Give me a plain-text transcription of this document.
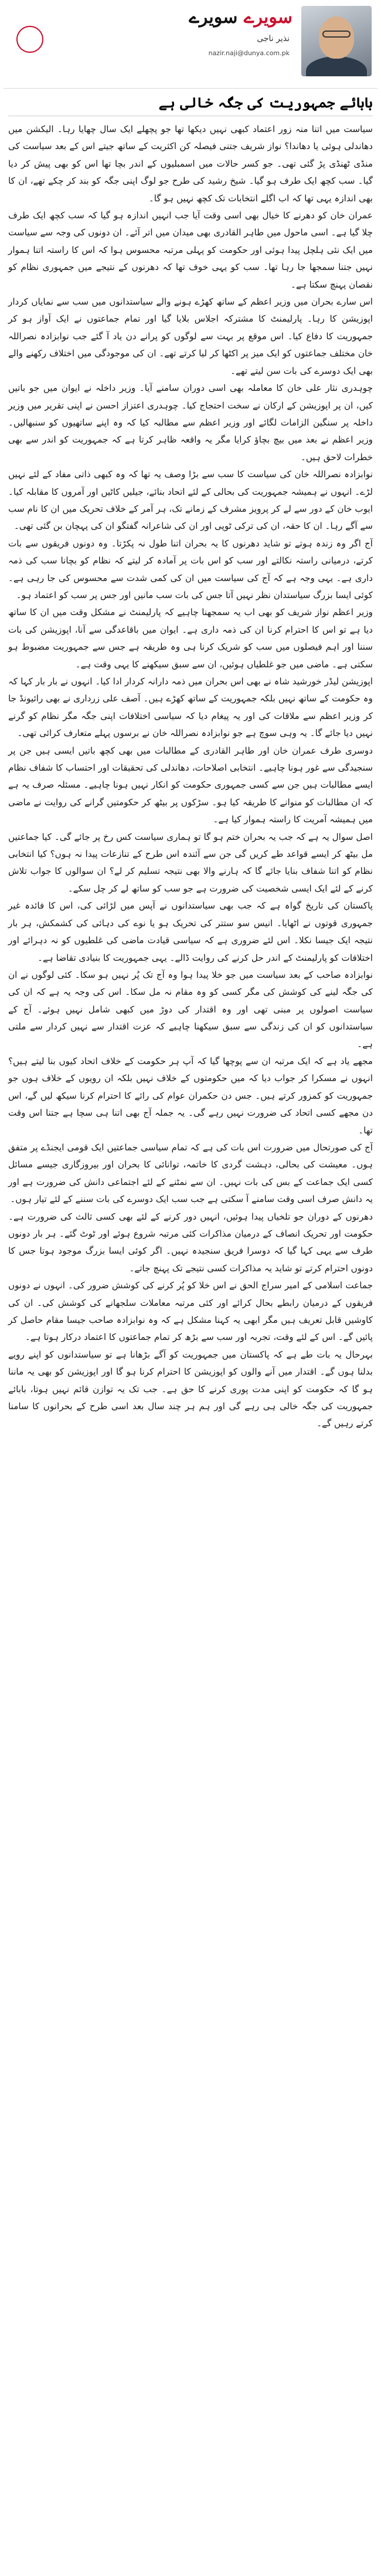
سویرے سویرے
نذیر ناجی
nazir.naji@dunya.com.pk
بابائے جمہوریت کی جگہ خالی ہے

سیاست میں اتنا منہ زور اعتماد کبھی نہیں دیکھا تھا جو پچھلے ایک سال چھایا رہا۔ الیکشن میں دھاندلی ہوئی یا دھاندا؟ نواز شریف جتنی فیصلہ کن اکثریت کے ساتھ جیتے اس کے بعد سیاست کی منڈی ٹھنڈی پڑ گئی تھی۔ جو کسر حالات میں اسمبلیوں کے اندر بچا تھا اس کو بھی پیش کر دیا گیا۔ سب کچھ ایک طرف ہو گیا۔ شیخ رشید کی طرح جو لوگ اپنی جگہ کو بند کر چکے تھے، ان کا بھی اندازہ یہی تھا کہ اب اگلے انتخابات تک کچھ نہیں ہو گا۔

عمران خان کو دھرنے کا خیال بھی اسی وقت آیا جب انہیں اندازہ ہو گیا کہ سب کچھ ایک طرف چلا گیا ہے۔ اسی ماحول میں طاہر القادری بھی میدان میں اتر آئے۔ ان دونوں کی وجہ سے سیاست میں ایک نئی ہلچل پیدا ہوئی اور حکومت کو پہلی مرتبہ محسوس ہوا کہ اس کا راستہ اتنا ہموار نہیں جتنا سمجھا جا رہا تھا۔ سب کو یہی خوف تھا کہ دھرنوں کے نتیجے میں جمہوری نظام کو نقصان پہنچ سکتا ہے۔

اس سارے بحران میں وزیر اعظم کے ساتھ کھڑے ہونے والے سیاستدانوں میں سب سے نمایاں کردار اپوزیشن کا رہا۔ پارلیمنٹ کا مشترکہ اجلاس بلایا گیا اور تمام جماعتوں نے ایک آواز ہو کر جمہوریت کا دفاع کیا۔ اس موقع پر بہت سے لوگوں کو پرانے دن یاد آ گئے جب نوابزادہ نصراللہ خان مختلف جماعتوں کو ایک میز پر اکٹھا کر لیا کرتے تھے۔ ان کی موجودگی میں اختلاف رکھنے والے بھی ایک دوسرے کی بات سن لیتے تھے۔

چوہدری نثار علی خان کا معاملہ بھی اسی دوران سامنے آیا۔ وزیر داخلہ نے ایوان میں جو باتیں کیں، ان پر اپوزیشن کے ارکان نے سخت احتجاج کیا۔ چوہدری اعتزاز احسن نے اپنی تقریر میں وزیر داخلہ پر سنگین الزامات لگائے اور وزیر اعظم سے مطالبہ کیا کہ وہ اپنے ساتھیوں کو سنبھالیں۔ وزیر اعظم نے بعد میں بیچ بچاؤ کرایا مگر یہ واقعہ ظاہر کرتا ہے کہ جمہوریت کو اندر سے بھی خطرات لاحق ہیں۔

نوابزادہ نصراللہ خان کی سیاست کا سب سے بڑا وصف یہ تھا کہ وہ کبھی ذاتی مفاد کے لئے نہیں لڑے۔ انہوں نے ہمیشہ جمہوریت کی بحالی کے لئے اتحاد بنائے، جیلیں کاٹیں اور آمروں کا مقابلہ کیا۔ ایوب خان کے دور سے لے کر پرویز مشرف کے زمانے تک، ہر آمر کے خلاف تحریک میں ان کا نام سب سے آگے رہا۔ ان کا حقہ، ان کی ترکی ٹوپی اور ان کی شاعرانہ گفتگو ان کی پہچان بن گئی تھی۔

آج اگر وہ زندہ ہوتے تو شاید دھرنوں کا یہ بحران اتنا طول نہ پکڑتا۔ وہ دونوں فریقوں سے بات کرتے، درمیانی راستہ نکالتے اور سب کو اس بات پر آمادہ کر لیتے کہ نظام کو بچانا سب کی ذمہ داری ہے۔ یہی وجہ ہے کہ آج کی سیاست میں ان کی کمی شدت سے محسوس کی جا رہی ہے۔ کوئی ایسا بزرگ سیاستدان نظر نہیں آتا جس کی بات سب مانیں اور جس پر سب کو اعتماد ہو۔

وزیر اعظم نواز شریف کو بھی اب یہ سمجھنا چاہیے کہ پارلیمنٹ نے مشکل وقت میں ان کا ساتھ دیا ہے تو اس کا احترام کرنا ان کی ذمہ داری ہے۔ ایوان میں باقاعدگی سے آنا، اپوزیشن کی بات سننا اور اہم فیصلوں میں سب کو شریک کرنا ہی وہ طریقہ ہے جس سے جمہوریت مضبوط ہو سکتی ہے۔ ماضی میں جو غلطیاں ہوئیں، ان سے سبق سیکھنے کا یہی وقت ہے۔

اپوزیشن لیڈر خورشید شاہ نے بھی اس بحران میں ذمہ دارانہ کردار ادا کیا۔ انہوں نے بار بار کہا کہ وہ حکومت کے ساتھ نہیں بلکہ جمہوریت کے ساتھ کھڑے ہیں۔ آصف علی زرداری نے بھی رائیونڈ جا کر وزیر اعظم سے ملاقات کی اور یہ پیغام دیا کہ سیاسی اختلافات اپنی جگہ مگر نظام کو گرنے نہیں دیا جائے گا۔ یہ وہی سوچ ہے جو نوابزادہ نصراللہ خان نے برسوں پہلے متعارف کرائی تھی۔

دوسری طرف عمران خان اور طاہر القادری کے مطالبات میں بھی کچھ باتیں ایسی ہیں جن پر سنجیدگی سے غور ہونا چاہیے۔ انتخابی اصلاحات، دھاندلی کی تحقیقات اور احتساب کا شفاف نظام ایسے مطالبات ہیں جن سے کسی جمہوری حکومت کو انکار نہیں ہونا چاہیے۔ مسئلہ صرف یہ ہے کہ ان مطالبات کو منوانے کا طریقہ کیا ہو۔ سڑکوں پر بیٹھ کر حکومتیں گرانے کی روایت نے ماضی میں ہمیشہ آمریت کا راستہ ہموار کیا ہے۔

اصل سوال یہ ہے کہ جب یہ بحران ختم ہو گا تو ہماری سیاست کس رخ پر جائے گی۔ کیا جماعتیں مل بیٹھ کر ایسے قواعد طے کریں گی جن سے آئندہ اس طرح کے تنازعات پیدا نہ ہوں؟ کیا انتخابی نظام کو اتنا شفاف بنایا جائے گا کہ ہارنے والا بھی نتیجہ تسلیم کر لے؟ ان سوالوں کا جواب تلاش کرنے کے لئے ایک ایسی شخصیت کی ضرورت ہے جو سب کو ساتھ لے کر چل سکے۔

پاکستان کی تاریخ گواہ ہے کہ جب بھی سیاستدانوں نے آپس میں لڑائی کی، اس کا فائدہ غیر جمہوری قوتوں نے اٹھایا۔ انیس سو ستتر کی تحریک ہو یا نوے کی دہائی کی کشمکش، ہر بار نتیجہ ایک جیسا نکلا۔ اس لئے ضروری ہے کہ سیاسی قیادت ماضی کی غلطیوں کو نہ دہرائے اور اختلافات کو پارلیمنٹ کے اندر حل کرنے کی روایت ڈالے۔ یہی جمہوریت کا بنیادی تقاضا ہے۔

نوابزادہ صاحب کے بعد سیاست میں جو خلا پیدا ہوا وہ آج تک پُر نہیں ہو سکا۔ کئی لوگوں نے ان کی جگہ لینے کی کوشش کی مگر کسی کو وہ مقام نہ مل سکا۔ اس کی وجہ یہ ہے کہ ان کی سیاست اصولوں پر مبنی تھی اور وہ اقتدار کی دوڑ میں کبھی شامل نہیں ہوئے۔ آج کے سیاستدانوں کو ان کی زندگی سے سبق سیکھنا چاہیے کہ عزت اقتدار سے نہیں کردار سے ملتی ہے۔

مجھے یاد ہے کہ ایک مرتبہ ان سے پوچھا گیا کہ آپ ہر حکومت کے خلاف اتحاد کیوں بنا لیتے ہیں؟ انہوں نے مسکرا کر جواب دیا کہ میں حکومتوں کے خلاف نہیں بلکہ ان رویوں کے خلاف ہوں جو جمہوریت کو کمزور کرتے ہیں۔ جس دن حکمران عوام کی رائے کا احترام کرنا سیکھ لیں گے، اس دن مجھے کسی اتحاد کی ضرورت نہیں رہے گی۔ یہ جملہ آج بھی اتنا ہی سچا ہے جتنا اس وقت تھا۔

آج کی صورتحال میں ضرورت اس بات کی ہے کہ تمام سیاسی جماعتیں ایک قومی ایجنڈے پر متفق ہوں۔ معیشت کی بحالی، دہشت گردی کا خاتمہ، توانائی کا بحران اور بیروزگاری جیسے مسائل کسی ایک جماعت کے بس کی بات نہیں۔ ان سے نمٹنے کے لئے اجتماعی دانش کی ضرورت ہے اور یہ دانش صرف اسی وقت سامنے آ سکتی ہے جب سب ایک دوسرے کی بات سننے کے لئے تیار ہوں۔

دھرنوں کے دوران جو تلخیاں پیدا ہوئیں، انہیں دور کرنے کے لئے بھی کسی ثالث کی ضرورت ہے۔ حکومت اور تحریک انصاف کے درمیان مذاکرات کئی مرتبہ شروع ہوئے اور ٹوٹ گئے۔ ہر بار دونوں طرف سے یہی کہا گیا کہ دوسرا فریق سنجیدہ نہیں۔ اگر کوئی ایسا بزرگ موجود ہوتا جس کا دونوں احترام کرتے تو شاید یہ مذاکرات کسی نتیجے تک پہنچ جاتے۔

جماعت اسلامی کے امیر سراج الحق نے اس خلا کو پُر کرنے کی کوشش ضرور کی۔ انہوں نے دونوں فریقوں کے درمیان رابطے بحال کرائے اور کئی مرتبہ معاملات سلجھانے کی کوشش کی۔ ان کی کاوشیں قابل تعریف ہیں مگر ابھی یہ کہنا مشکل ہے کہ وہ نوابزادہ صاحب جیسا مقام حاصل کر پائیں گے۔ اس کے لئے وقت، تجربہ اور سب سے بڑھ کر تمام جماعتوں کا اعتماد درکار ہوتا ہے۔

بہرحال یہ بات طے ہے کہ پاکستان میں جمہوریت کو آگے بڑھانا ہے تو سیاستدانوں کو اپنے رویے بدلنا ہوں گے۔ اقتدار میں آنے والوں کو اپوزیشن کا احترام کرنا ہو گا اور اپوزیشن کو بھی یہ ماننا ہو گا کہ حکومت کو اپنی مدت پوری کرنے کا حق ہے۔ جب تک یہ توازن قائم نہیں ہوتا، بابائے جمہوریت کی جگہ خالی ہی رہے گی اور ہم ہر چند سال بعد اسی طرح کے بحرانوں کا سامنا کرتے رہیں گے۔
